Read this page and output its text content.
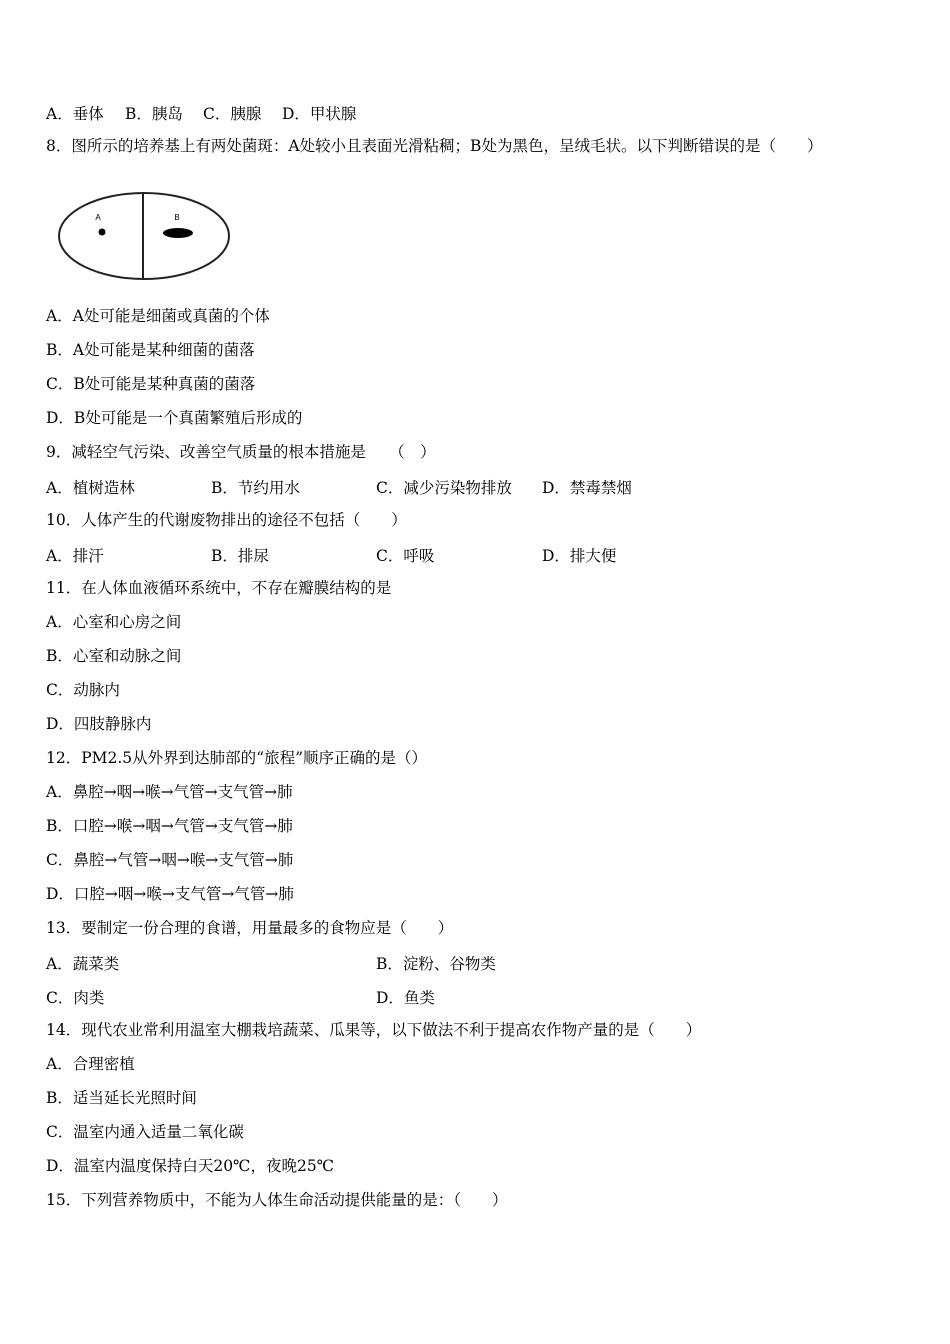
A．垂体 B．胰岛 C．胰腺 D．甲状腺
8．图所示的培养基上有两处菌斑：A处较小且表面光滑粘稠；B处为黑色，呈绒毛状。以下判断错误的是（　　）
A	B
A．A处可能是细菌或真菌的个体
B．A处可能是某种细菌的菌落
C．B处可能是某种真菌的菌落
D．B处可能是一个真菌繁殖后形成的
9．减轻空气污染、改善空气质量的根本措施是　　（　）
A．植树造林	B．节约用水	C．减少污染物排放 D．禁毒禁烟
10．人体产生的代谢废物排出的途径不包括（　　）
A．排汗	B．排尿	C．呼吸	D．排大便
11．在人体血液循环系统中，不存在瓣膜结构的是
A．心室和心房之间
B．心室和动脉之间
C．动脉内
D．四肢静脉内
12．PM2.5从外界到达肺部的“旅程”顺序正确的是（）
A．鼻腔→咽→喉→气管→支气管→肺
B．口腔→喉→咽→气管→支气管→肺
C．鼻腔→气管→咽→喉→支气管→肺
D．口腔→咽→喉→支气管→气管→肺
13．要制定一份合理的食谱，用量最多的食物应是（　　）
A．蔬菜类	B．淀粉、谷物类
C．肉类	D．鱼类
14．现代农业常利用温室大棚栽培蔬菜、瓜果等，以下做法不利于提高农作物产量的是（　　）
A．合理密植
B．适当延长光照时间
C．温室内通入适量二氧化碳
D．温室内温度保持白天20℃，夜晚25℃
15．下列营养物质中，不能为人体生命活动提供能量的是：（　　）
